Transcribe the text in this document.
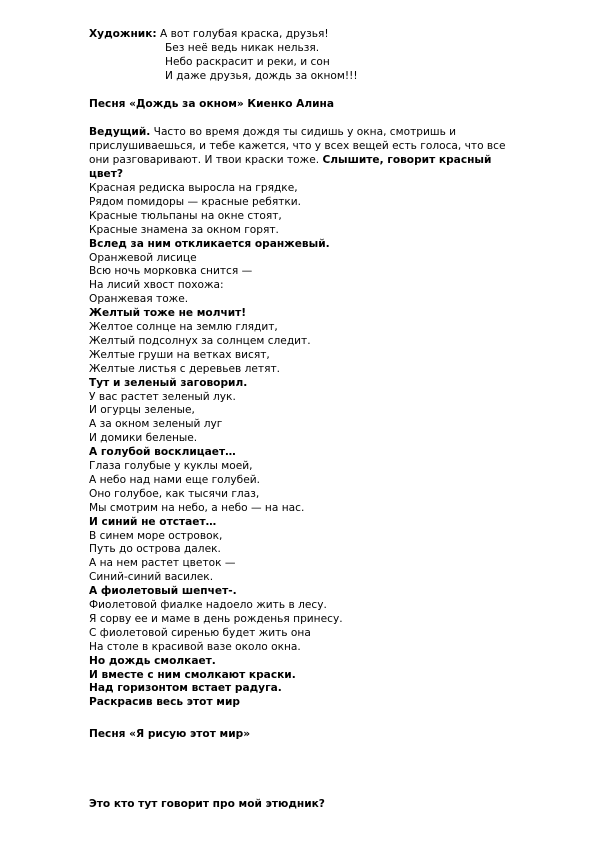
Художник: А вот голубая краска, друзья!
Без неё ведь никак нельзя.
Небо раскрасит и реки, и сон
И даже друзья, дождь за окном!!!
Песня «Дождь за окном» Киенко Алина
Ведущий. Часто во время дождя ты сидишь у окна, смотришь и прислушиваешься, и тебе кажется, что у всех вещей есть голоса, что все они разговаривают. И твои краски тоже. Слышите, говорит красный цвет?
Красная редиска выросла на грядке,
Рядом помидоры — красные ребятки.
Красные тюльпаны на окне стоят,
Красные знамена за окном горят.
Вслед за ним откликается оранжевый.
Оранжевой лисице
Всю ночь морковка снится —
На лисий хвост похожа:
Оранжевая тоже.
Желтый тоже не молчит!
Желтое солнце на землю глядит,
Желтый подсолнух за солнцем следит.
Желтые груши на ветках висят,
Желтые листья с деревьев летят.
Тут и зеленый заговорил.
У вас растет зеленый лук.
И огурцы зеленые,
А за окном зеленый луг
И домики беленые.
А голубой восклицает…
Глаза голубые у куклы моей,
А небо над нами еще голубей.
Оно голубое, как тысячи глаз,
Мы смотрим на небо, а небо — на нас.
И синий не отстает…
В синем море островок,
Путь до острова далек.
А на нем растет цветок —
Синий-синий василек.
А фиолетовый шепчет-.
Фиолетовой фиалке надоело жить в лесу.
Я сорву ее и маме в день рожденья принесу.
С фиолетовой сиренью будет жить она
На столе в красивой вазе около окна.
Но дождь смолкает.
И вместе с ним смолкают краски.
Над горизонтом встает радуга.
Раскрасив весь этот мир
Песня «Я рисую этот мир»
Это кто тут говорит про мой этюдник?
